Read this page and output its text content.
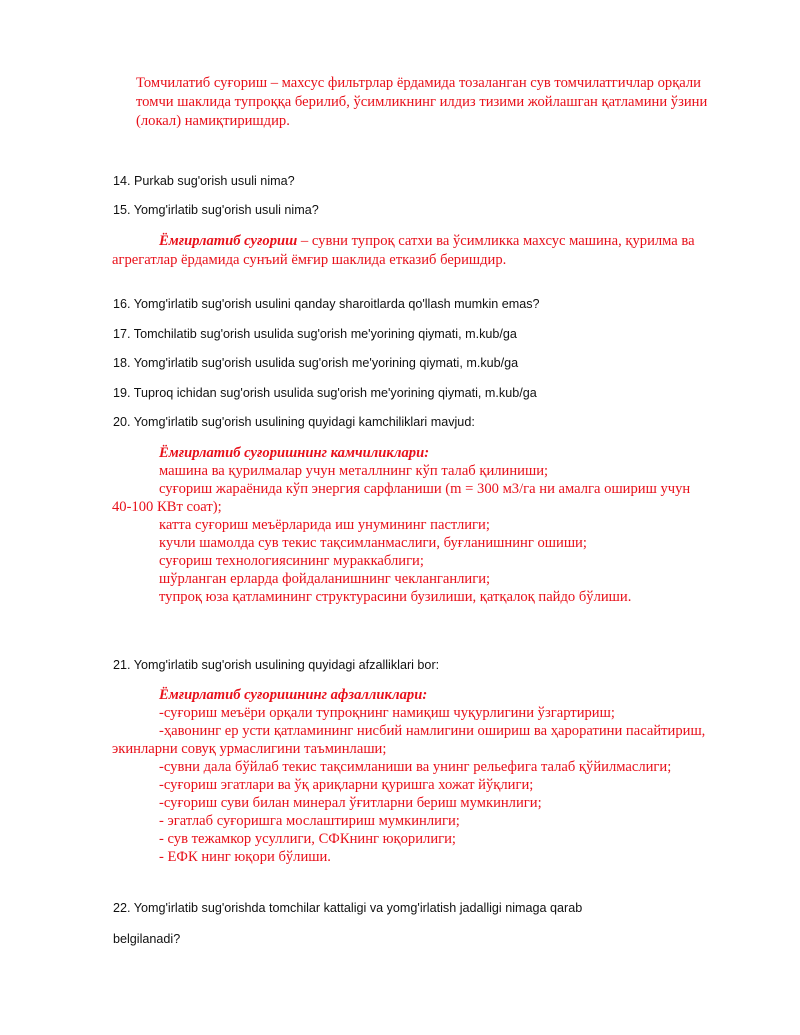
Томчилатиб суғориш – махсус фильтрлар ёрдамида тозаланган сув томчилатгичлар орқали
томчи шаклида тупроққа берилиб, ўсимликнинг илдиз тизими жойлашган қатламини ўзини
(локал) намиқтиришдир.
14. Purkab sug'orish usuli nima?
15. Yomg'irlatib sug'orish usuli nima?
Ёмғирлатиб суғориш – сувни тупроқ сатхи ва ўсимликка махсус машина, қурилма ва
агрегатлар ёрдамида сунъий ёмғир шаклида етказиб беришдир.
16. Yomg'irlatib sug'orish usulini qanday sharoitlarda qo'llash mumkin emas?
17. Tomchilatib sug'orish usulida sug'orish me'yorining qiymati, m.kub/ga
18. Yomg'irlatib sug'orish usulida sug'orish me'yorining qiymati, m.kub/ga
19. Tuproq ichidan sug'orish usulida sug'orish me'yorining qiymati, m.kub/ga
20. Yomg'irlatib sug'orish usulining quyidagi kamchiliklari mavjud:
Ёмғирлатиб суғоришнинг камчиликлари:
машина ва қурилмалар учун металлнинг кўп талаб қилиниши;
суғориш жараёнида кўп энергия сарфланиши (m = 300 м3/га ни амалга ошириш учун
40-100 КВт соат);
катта суғориш меъёрларида иш унумининг пастлиги;
кучли шамолда сув текис тақсимланмаслиги, буғланишнинг ошиши;
суғориш технологиясининг мураккаблиги;
шўрланган ерларда фойдаланишнинг чекланганлиги;
тупроқ юза қатламининг структурасини бузилиши, қатқалоқ пайдо бўлиши.
21. Yomg'irlatib sug'orish usulining quyidagi afzalliklari bor:
Ёмғирлатиб суғоришнинг афзалликлари:
-суғориш меъёри орқали тупроқнинг намиқиш чуқурлигини ўзгартириш;
-ҳавонинг ер усти қатламининг нисбий намлигини ошириш ва ҳароратини пасайтириш,
экинларни совуқ урмаслигини таъминлаши;
-сувни дала бўйлаб текис тақсимланиши ва унинг рельефига талаб қўйилмаслиги;
-суғориш эгатлари ва ўқ ариқларни қуришга хожат йўқлиги;
-суғориш суви билан минерал ўғитларни бериш мумкинлиги;
- эгатлаб суғоришга мослаштириш мумкинлиги;
- сув тежамкор усуллиги, СФКнинг юқорилиги;
- ЕФК нинг юқори бўлиши.
22. Yomg'irlatib sug'orishda tomchilar kattaligi va yomg'irlatish jadalligi nimaga qarab
belgilanadi?
